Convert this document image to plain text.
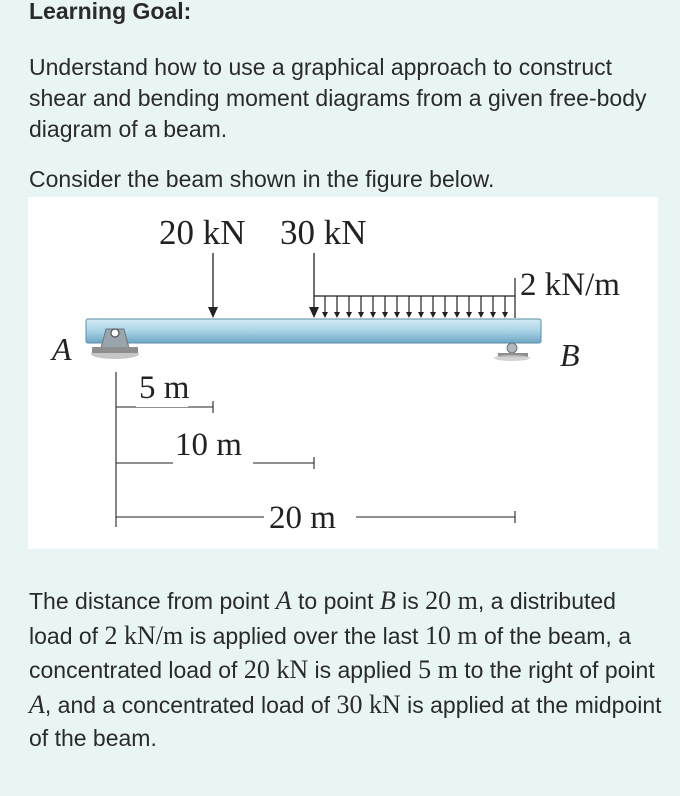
Learning Goal:

Understand how to use a graphical approach to construct shear and bending moment diagrams from a given free-body diagram of a beam.

Consider the beam shown in the figure below.

20 kN 30 kN
2 kN/m
A	B
5 m
10 m
20 m

The distance from point A to point B is 20 m, a distributed load of 2 kN/m is applied over the last 10 m of the beam, a concentrated load of 20 kN is applied 5 m to the right of point A, and a concentrated load of 30 kN is applied at the midpoint of the beam.
